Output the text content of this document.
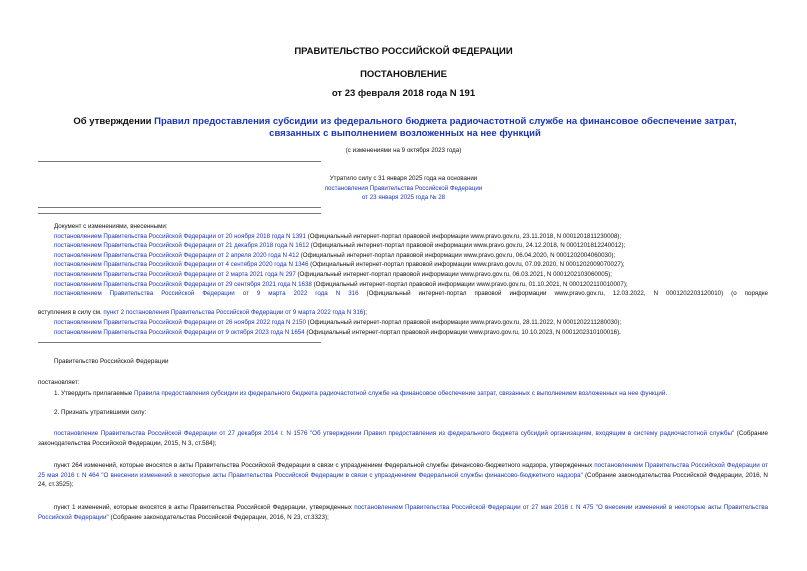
ПРАВИТЕЛЬСТВО РОССИЙСКОЙ ФЕДЕРАЦИИ
ПОСТАНОВЛЕНИЕ
от 23 февраля 2018 года N 191
Об утверждении Правил предоставления субсидии из федерального бюджета радиочастотной службе на финансовое обеспечение затрат, связанных с выполнением возложенных на нее функций
(с изменениями на 9 октября 2023 года)
Утратило силу с 31 января 2025 года на основании
постановления Правительства Российской Федерации
от 23 января 2025 года № 28
Документ с изменениями, внесенными:
постановлением Правительства Российской Федерации от 20 ноября 2018 года N 1391 (Официальный интернет-портал правовой информации www.pravo.gov.ru, 23.11.2018, N 0001201811230008);
постановлением Правительства Российской Федерации от 21 декабря 2018 года N 1612 (Официальный интернет-портал правовой информации www.pravo.gov.ru, 24.12.2018, N 0001201812240012);
постановлением Правительства Российской Федерации от 2 апреля 2020 года N 412 (Официальный интернет-портал правовой информации www.pravo.gov.ru, 06.04.2020, N 0001202004060030);
постановлением Правительства Российской Федерации от 4 сентября 2020 года N 1346 (Официальный интернет-портал правовой информации www.pravo.gov.ru, 07.09.2020, N 0001202009070027);
постановлением Правительства Российской Федерации от 2 марта 2021 года N 297 (Официальный интернет-портал правовой информации www.pravo.gov.ru, 06.03.2021, N 0001202103060005);
постановлением Правительства Российской Федерации от 29 сентября 2021 года N 1638 (Официальный интернет-портал правовой информации www.pravo.gov.ru, 01.10.2021, N 0001202110010007);
постановлением Правительства Российской Федерации от 9 марта 2022 года N 316 (Официальный интернет-портал правовой информации www.pravo.gov.ru, 12.03.2022, N 0001202203120010) (о порядке
вступления в силу см. пункт 2 постановления Правительства Российской Федерации от 9 марта 2022 года N 316);
постановлением Правительства Российской Федерации от 26 ноября 2022 года N 2150 (Официальный интернет-портал правовой информации www.pravo.gov.ru, 28.11.2022, N 0001202211280030);
постановлением Правительства Российской Федерации от 9 октября 2023 года N 1654 (Официальный интернет-портал правовой информации www.pravo.gov.ru, 10.10.2023, N 0001202310100016).
Правительство Российской Федерации
постановляет:
1. Утвердить прилагаемые Правила предоставления субсидии из федерального бюджета радиочастотной службе на финансовое обеспечение затрат, связанных с выполнением возложенных на нее функций.
2. Признать утратившими силу:
постановление Правительства Российской Федерации от 27 декабря 2014 г. N 1576 "Об утверждении Правил предоставления из федерального бюджета субсидий организациям, входящим в систему радиочастотной службы" (Собрание законодательства Российской Федерации, 2015, N 3, ст.584);
пункт 264 изменений, которые вносятся в акты Правительства Российской Федерации в связи с упразднением Федеральной службы финансово-бюджетного надзора, утвержденных постановлением Правительства Российской Федерации от 25 мая 2016 г. N 464 "О внесении изменений в некоторые акты Правительства Российской Федерации в связи с упразднением Федеральной службы финансово-бюджетного надзора" (Собрание законодательства Российской Федерации, 2016, N 24, ст.3525);
пункт 1 изменений, которые вносятся в акты Правительства Российской Федерации, утвержденных постановлением Правительства Российской Федерации от 27 мая 2016 г. N 475 "О внесении изменений в некоторые акты Правительства Российской Федерации" (Собрание законодательства Российской Федерации, 2016, N 23, ст.3323);
